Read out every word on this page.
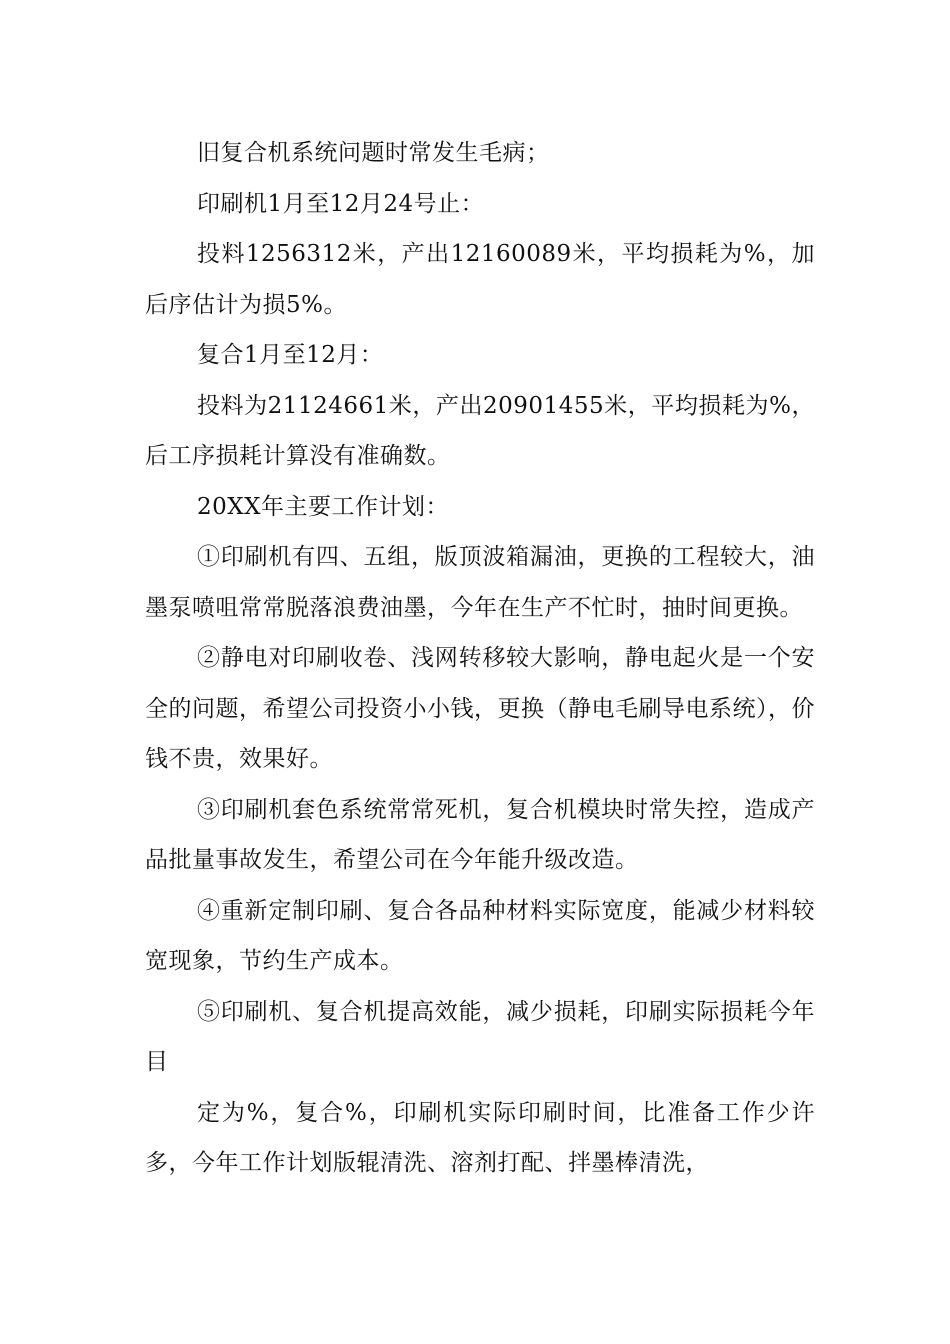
旧复合机系统问题时常发生毛病；

印刷机1月至12月24号止：

投料1256312米，产出12160089米，平均损耗为%，加后序估计为损5%。

复合1月至12月：

投料为21124661米，产出20901455米，平均损耗为%，后工序损耗计算没有准确数。

20XX年主要工作计划：

①印刷机有四、五组，版顶波箱漏油，更换的工程较大，油墨泵喷咀常常脱落浪费油墨，今年在生产不忙时，抽时间更换。

②静电对印刷收卷、浅网转移较大影响，静电起火是一个安全的问题，希望公司投资小小钱，更换（静电毛刷导电系统），价钱不贵，效果好。

③印刷机套色系统常常死机，复合机模块时常失控，造成产品批量事故发生，希望公司在今年能升级改造。

④重新定制印刷、复合各品种材料实际宽度，能减少材料较宽现象，节约生产成本。

⑤印刷机、复合机提高效能，减少损耗，印刷实际损耗今年目

定为%，复合%，印刷机实际印刷时间，比准备工作少许多，今年工作计划版辊清洗、溶剂打配、拌墨棒清洗，
